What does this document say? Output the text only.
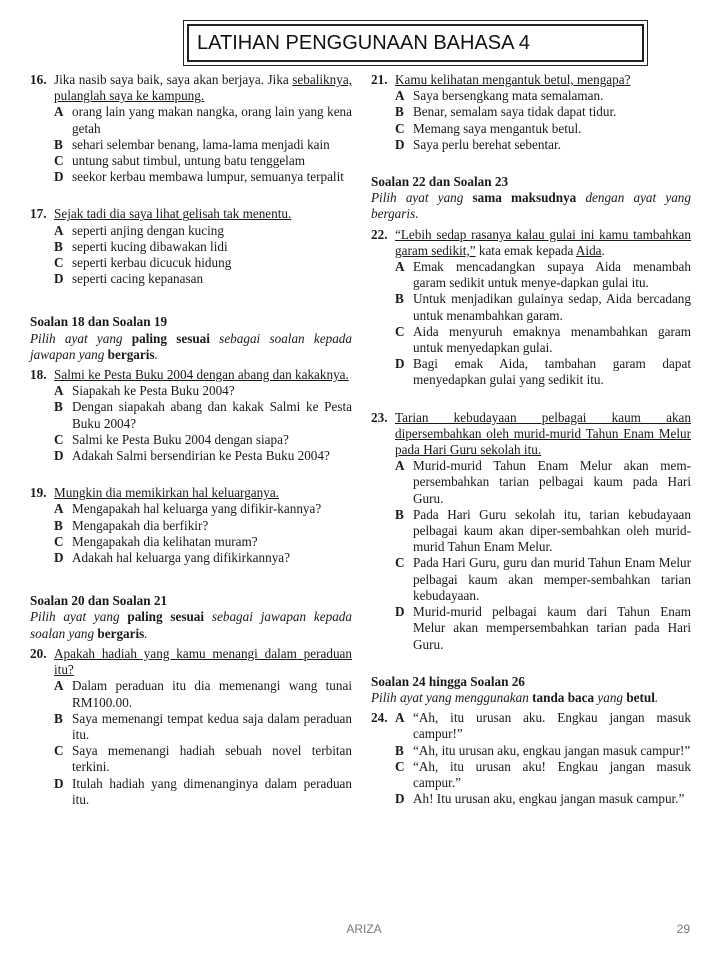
LATIHAN PENGGUNAAN BAHASA 4
16. Jika nasib saya baik, saya akan berjaya. Jika sebaliknya, pulanglah saya ke kampung.
A orang lain yang makan nangka, orang lain yang kena getah
B sehari selembar benang, lama-lama menjadi kain
C untung sabut timbul, untung batu tenggelam
D seekor kerbau membawa lumpur, semuanya terpalit
17. Sejak tadi dia saya lihat gelisah tak menentu.
A seperti anjing dengan kucing
B seperti kucing dibawakan lidi
C seperti kerbau dicucuk hidung
D seperti cacing kepanasan
Soalan 18 dan Soalan 19
Pilih ayat yang paling sesuai sebagai soalan kepada jawapan yang bergaris.
18. Salmi ke Pesta Buku 2004 dengan abang dan kakaknya.
A Siapakah ke Pesta Buku 2004?
B Dengan siapakah abang dan kakak Salmi ke Pesta Buku 2004?
C Salmi ke Pesta Buku 2004 dengan siapa?
D Adakah Salmi bersendirian ke Pesta Buku 2004?
19. Mungkin dia memikirkan hal keluarganya.
A Mengapakah hal keluarga yang difikir-kannya?
B Mengapakah dia berfikir?
C Mengapakah dia kelihatan muram?
D Adakah hal keluarga yang difikirkannya?
Soalan 20 dan Soalan 21
Pilih ayat yang paling sesuai sebagai jawapan kepada soalan yang bergaris.
20. Apakah hadiah yang kamu menangi dalam peraduan itu?
A Dalam peraduan itu dia memenangi wang tunai RM100.00.
B Saya memenangi tempat kedua saja dalam peraduan itu.
C Saya memenangi hadiah sebuah novel terbitan terkini.
D Itulah hadiah yang dimenanginya dalam peraduan itu.
21. Kamu kelihatan mengantuk betul, mengapa?
A Saya bersengkang mata semalaman.
B Benar, semalam saya tidak dapat tidur.
C Memang saya mengantuk betul.
D Saya perlu berehat sebentar.
Soalan 22 dan Soalan 23
Pilih ayat yang sama maksudnya dengan ayat yang bergaris.
22. “Lebih sedap rasanya kalau gulai ini kamu tambahkan garam sedikit,” kata emak kepada Aida.
A Emak mencadangkan supaya Aida menambah garam sedikit untuk menye-dapkan gulai itu.
B Untuk menjadikan gulainya sedap, Aida bercadang untuk menambahkan garam.
C Aida menyuruh emaknya menambahkan garam untuk menyedapkan gulai.
D Bagi emak Aida, tambahan garam dapat menyedapkan gulai yang sedikit itu.
23. Tarian kebudayaan pelbagai kaum akan dipersembahkan oleh murid-murid Tahun Enam Melur pada Hari Guru sekolah itu.
A Murid-murid Tahun Enam Melur akan mem-persembahkan tarian pelbagai kaum pada Hari Guru.
B Pada Hari Guru sekolah itu, tarian kebudayaan pelbagai kaum akan diper-sembahkan oleh murid-murid Tahun Enam Melur.
C Pada Hari Guru, guru dan murid Tahun Enam Melur pelbagai kaum akan memper-sembahkan tarian kebudayaan.
D Murid-murid pelbagai kaum dari Tahun Enam Melur akan mempersembahkan tarian pada Hari Guru.
Soalan 24 hingga Soalan 26
Pilih ayat yang menggunakan tanda baca yang betul.
24. A “Ah, itu urusan aku. Engkau jangan masuk campur!”
B “Ah, itu urusan aku, engkau jangan masuk campur!”
C “Ah, itu urusan aku! Engkau jangan masuk campur.”
D Ah! Itu urusan aku, engkau jangan masuk campur.”
ARIZA	29
